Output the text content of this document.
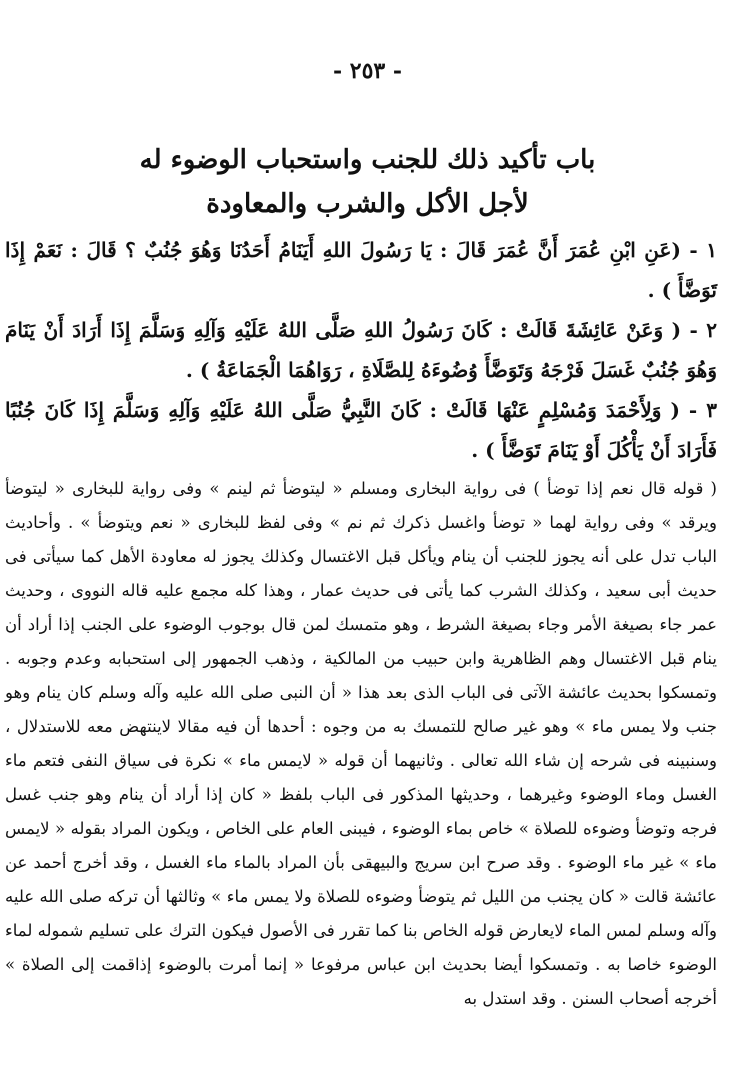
- ٢٥٣ -
باب تأكيد ذلك للجنب واستحباب الوضوء له
لأجل الأكل والشرب والمعاودة

١ - (عَنِ ابْنِ عُمَرَ أَنَّ عُمَرَ قَالَ : يَا رَسُولَ اللهِ أَيَنَامُ أَحَدُنَا وَهُوَ جُنُبٌ ؟ قَالَ : نَعَمْ إِذَا تَوَضَّأَ ) .

٢ - ( وَعَنْ عَائِشَةَ قَالَتْ : كَانَ رَسُولُ اللهِ صَلَّى اللهُ عَلَيْهِ وَآلِهِ وَسَلَّمَ إِذَا أَرَادَ أَنْ يَنَامَ وَهُوَ جُنُبٌ غَسَلَ فَرْجَهُ وَتَوَضَّأَ وُضُوءَهُ لِلصَّلَاةِ ، رَوَاهُمَا الْجَمَاعَةُ ) .

٣ - ( وَلِأَحْمَدَ وَمُسْلِمٍ عَنْهَا قَالَتْ : كَانَ النَّبِيُّ صَلَّى اللهُ عَلَيْهِ وَآلِهِ وَسَلَّمَ إِذَا كَانَ جُنُبًا فَأَرَادَ أَنْ يَأْكُلَ أَوْ يَنَامَ تَوَضَّأَ ) .

( قوله قال نعم إذا توضأ ) فى رواية البخارى ومسلم « ليتوضأ ثم لينم » وفى رواية للبخارى « ليتوضأ ويرقد » وفى رواية لهما « توضأ واغسل ذكرك ثم نم » وفى لفظ للبخارى « نعم ويتوضأ » . وأحاديث الباب تدل على أنه يجوز للجنب أن ينام ويأكل قبل الاغتسال وكذلك يجوز له معاودة الأهل كما سيأتى فى حديث أبى سعيد ، وكذلك الشرب كما يأتى فى حديث عمار ، وهذا كله مجمع عليه قاله النووى ، وحديث عمر جاء بصيغة الأمر وجاء بصيغة الشرط ، وهو متمسك لمن قال بوجوب الوضوء على الجنب إذا أراد أن ينام قبل الاغتسال وهم الظاهرية وابن حبيب من المالكية ، وذهب الجمهور إلى استحبابه وعدم وجوبه . وتمسكوا بحديث عائشة الآتى فى الباب الذى بعد هذا « أن النبى صلى الله عليه وآله وسلم كان ينام وهو جنب ولا يمس ماء » وهو غير صالح للتمسك به من وجوه : أحدها أن فيه مقالا لاينتهض معه للاستدلال ، وسنبينه فى شرحه إن شاء الله تعالى . وثانيهما أن قوله « لايمس ماء » نكرة فى سياق النفى فتعم ماء الغسل وماء الوضوء وغيرهما ، وحديثها المذكور فى الباب بلفظ « كان إذا أراد أن ينام وهو جنب غسل فرجه وتوضأ وضوءه للصلاة » خاص بماء الوضوء ، فيبنى العام على الخاص ، ويكون المراد بقوله « لايمس ماء » غير ماء الوضوء . وقد صرح ابن سريج والبيهقى بأن المراد بالماء ماء الغسل ، وقد أخرج أحمد عن عائشة قالت « كان يجنب من الليل ثم يتوضأ وضوءه للصلاة ولا يمس ماء » وثالثها أن تركه صلى الله عليه وآله وسلم لمس الماء لايعارض قوله الخاص بنا كما تقرر فى الأصول فيكون الترك على تسليم شموله لماء الوضوء خاصا به . وتمسكوا أيضا بحديث ابن عباس مرفوعا « إنما أمرت بالوضوء إذاقمت إلى الصلاة » أخرجه أصحاب السنن . وقد استدل به
